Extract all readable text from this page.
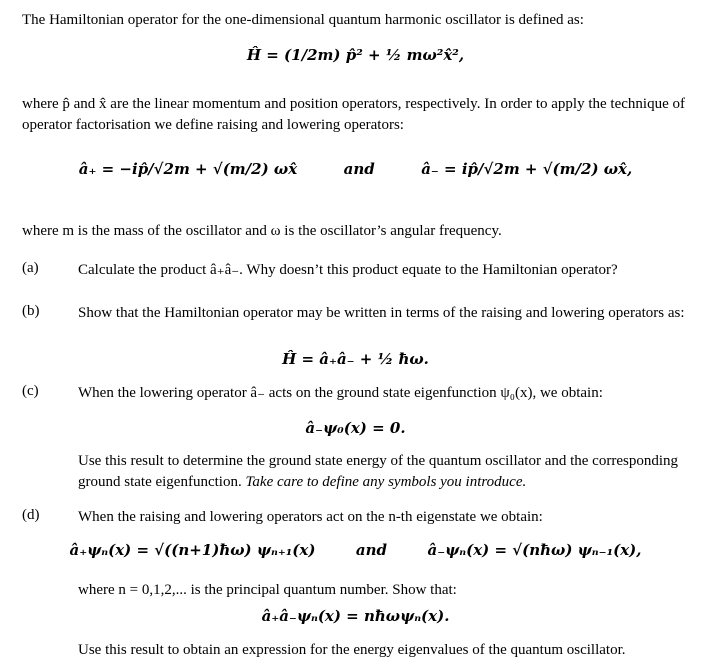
The Hamiltonian operator for the one-dimensional quantum harmonic oscillator is defined as:
Ĥ = (1/2m) p̂² + ½ mω²x̂²,
where p̂ and x̂ are the linear momentum and position operators, respectively. In order to apply the technique of operator factorisation we define raising and lowering operators:
â₊ = −ip̂/√2m + √(m/2) ωx̂	and	â₋ = ip̂/√2m + √(m/2) ωx̂,
where m is the mass of the oscillator and ω is the oscillator’s angular frequency.
(a)	Calculate the product â₊â₋. Why doesn’t this product equate to the Hamiltonian operator?
(b)	Show that the Hamiltonian operator may be written in terms of the raising and lowering operators as:
Ĥ = â₊â₋ + ½ ħω.
(c)	When the lowering operator â₋ acts on the ground state eigenfunction ψ₀(x), we obtain:
â₋ψ₀(x) = 0.
Use this result to determine the ground state energy of the quantum oscillator and the corresponding ground state eigenfunction. Take care to define any symbols you introduce.
(d)	When the raising and lowering operators act on the n-th eigenstate we obtain:
â₊ψₙ(x) = √((n+1)ħω) ψₙ₊₁(x)	and	â₋ψₙ(x) = √(nħω) ψₙ₋₁(x),
where n = 0,1,2,... is the principal quantum number. Show that:
â₊â₋ψₙ(x) = nħωψₙ(x).
Use this result to obtain an expression for the energy eigenvalues of the quantum oscillator.
